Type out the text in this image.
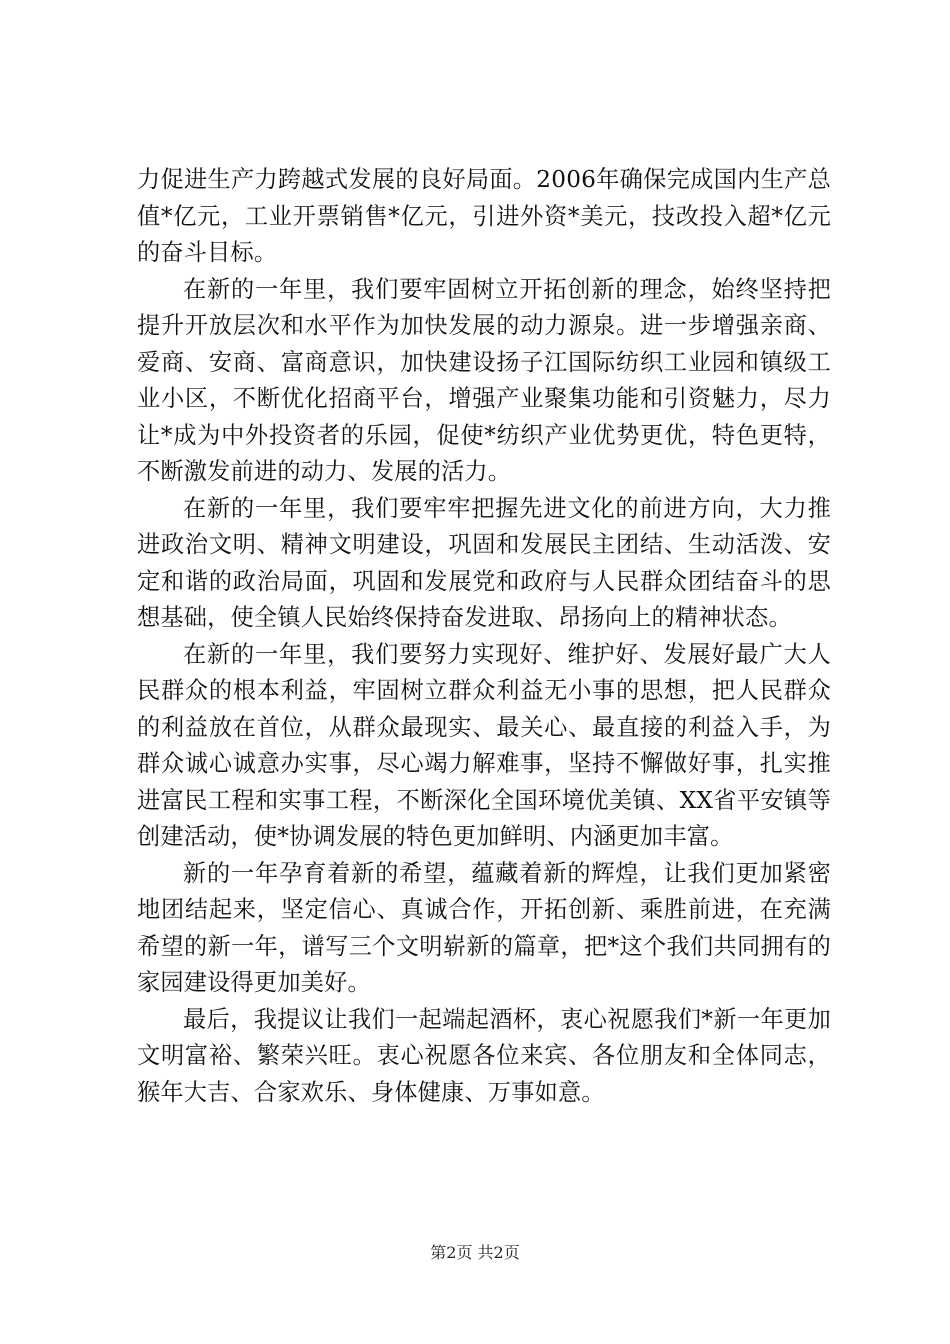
力促进生产力跨越式发展的良好局面。2006年确保完成国内生产总值*亿元，工业开票销售*亿元，引进外资*美元，技改投入超*亿元的奋斗目标。

在新的一年里，我们要牢固树立开拓创新的理念，始终坚持把提升开放层次和水平作为加快发展的动力源泉。进一步增强亲商、爱商、安商、富商意识，加快建设扬子江国际纺织工业园和镇级工业小区，不断优化招商平台，增强产业聚集功能和引资魅力，尽力让*成为中外投资者的乐园，促使*纺织产业优势更优，特色更特，不断激发前进的动力、发展的活力。

在新的一年里，我们要牢牢把握先进文化的前进方向，大力推进政治文明、精神文明建设，巩固和发展民主团结、生动活泼、安定和谐的政治局面，巩固和发展党和政府与人民群众团结奋斗的思想基础，使全镇人民始终保持奋发进取、昂扬向上的精神状态。

在新的一年里，我们要努力实现好、维护好、发展好最广大人民群众的根本利益，牢固树立群众利益无小事的思想，把人民群众的利益放在首位，从群众最现实、最关心、最直接的利益入手，为群众诚心诚意办实事，尽心竭力解难事，坚持不懈做好事，扎实推进富民工程和实事工程，不断深化全国环境优美镇、XX省平安镇等创建活动，使*协调发展的特色更加鲜明、内涵更加丰富。

新的一年孕育着新的希望，蕴藏着新的辉煌，让我们更加紧密地团结起来，坚定信心、真诚合作，开拓创新、乘胜前进，在充满希望的新一年，谱写三个文明崭新的篇章，把*这个我们共同拥有的家园建设得更加美好。

最后，我提议让我们一起端起酒杯，衷心祝愿我们*新一年更加文明富裕、繁荣兴旺。衷心祝愿各位来宾、各位朋友和全体同志，猴年大吉、合家欢乐、身体健康、万事如意。

第2页 共2页
